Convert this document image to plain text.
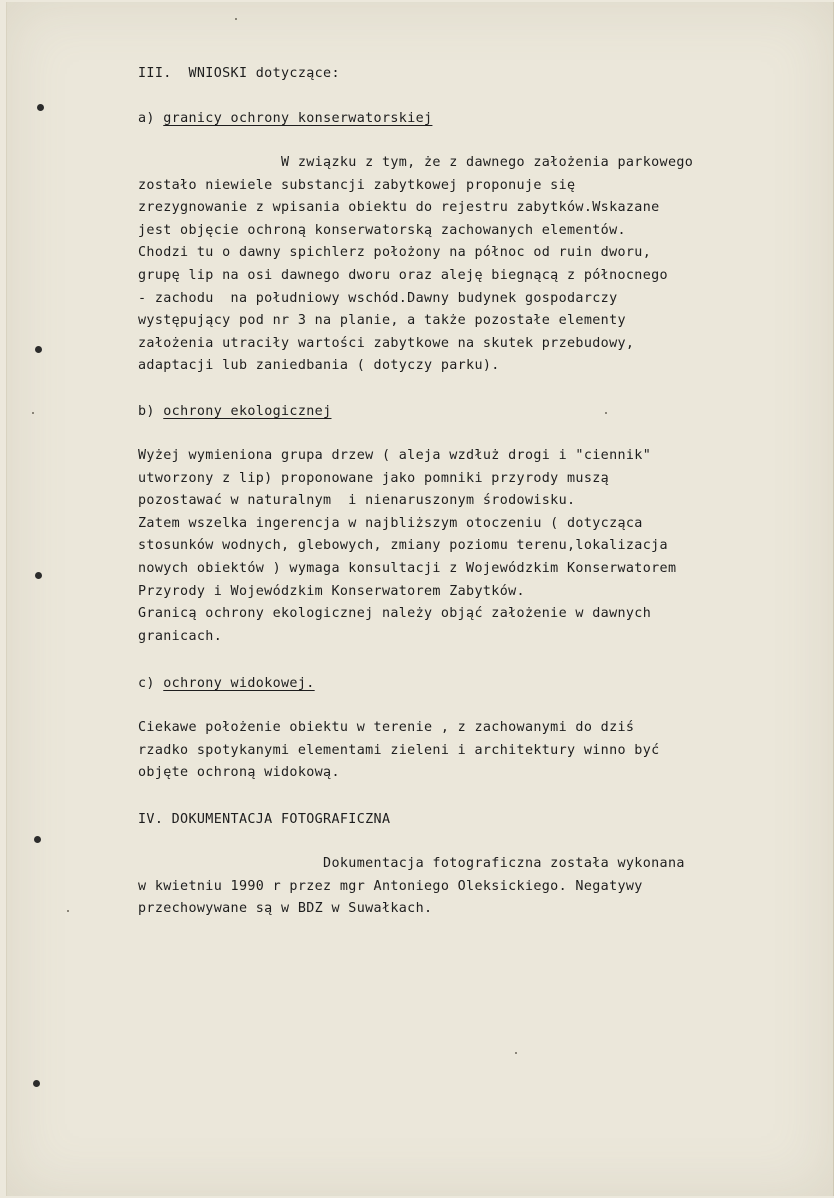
III.  WNIOSKI dotyczące:
a) granicy ochrony konserwatorskiej
W związku z tym, że z dawnego założenia parkowego
zostało niewiele substancji zabytkowej proponuje się
zrezygnowanie z wpisania obiektu do rejestru zabytków.Wskazane
jest objęcie ochroną konserwatorską zachowanych elementów.
Chodzi tu o dawny spichlerz położony na północ od ruin dworu,
grupę lip na osi dawnego dworu oraz aleję biegnącą z północnego
- zachodu  na południowy wschód.Dawny budynek gospodarczy
występujący pod nr 3 na planie, a także pozostałe elementy
założenia utraciły wartości zabytkowe na skutek przebudowy,
adaptacji lub zaniedbania ( dotyczy parku).
b) ochrony ekologicznej
Wyżej wymieniona grupa drzew ( aleja wzdłuż drogi i "ciennik"
utworzony z lip) proponowane jako pomniki przyrody muszą
pozostawać w naturalnym  i nienaruszonym środowisku.
Zatem wszelka ingerencja w najbliższym otoczeniu ( dotycząca
stosunków wodnych, glebowych, zmiany poziomu terenu,lokalizacja
nowych obiektów ) wymaga konsultacji z Wojewódzkim Konserwatorem
Przyrody i Wojewódzkim Konserwatorem Zabytków.
Granicą ochrony ekologicznej należy objąć założenie w dawnych
granicach.
c) ochrony widokowej.
Ciekawe położenie obiektu w terenie , z zachowanymi do dziś
rzadko spotykanymi elementami zieleni i architektury winno być
objęte ochroną widokową.
IV. DOKUMENTACJA FOTOGRAFICZNA
Dokumentacja fotograficzna została wykonana
w kwietniu 1990 r przez mgr Antoniego Oleksickiego. Negatywy
przechowywane są w BDZ w Suwałkach.
